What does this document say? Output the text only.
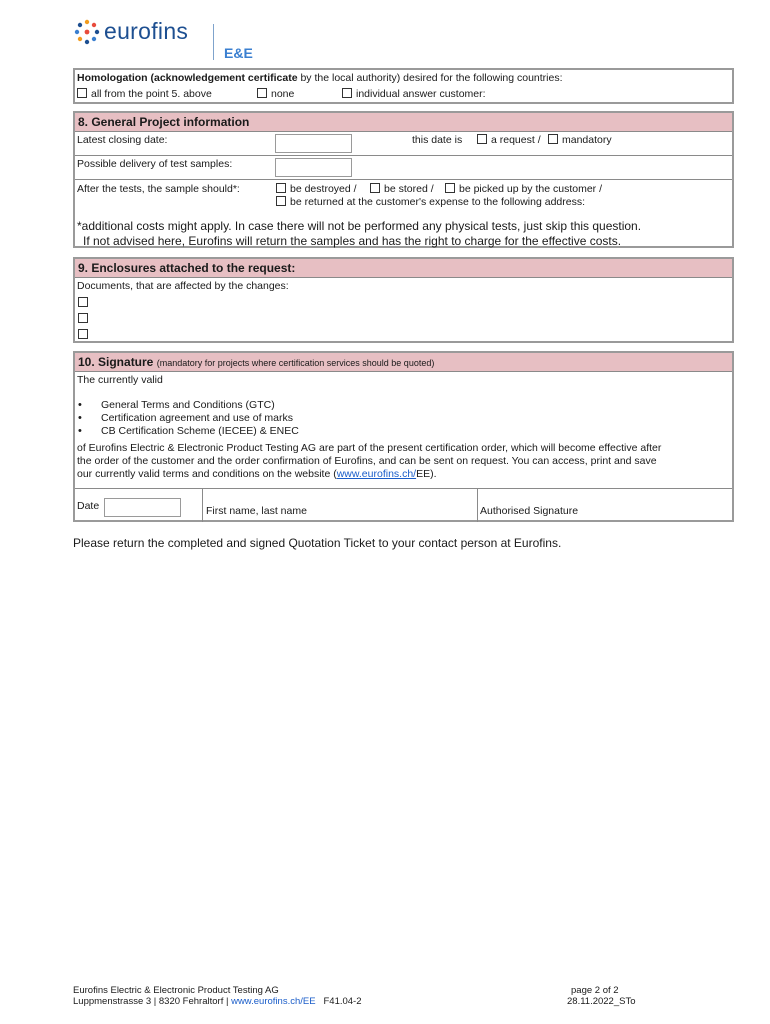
eurofins
E&E
Homologation (acknowledgement certificate by the local authority) desired for the following countries:
all from the point 5. above	none	individual answer customer:
8. General Project information
Latest closing date:	this date is	a request /	mandatory
Possible delivery of test samples:
After the tests, the sample should*:	be destroyed /	be stored /	be picked up by the customer /
be returned at the customer's expense to the following address:
*additional costs might apply. In case there will not be performed any physical tests, just skip this question.
If not advised here, Eurofins will return the samples and has the right to charge for the effective costs.
9. Enclosures attached to the request:
Documents, that are affected by the changes:
10. Signature (mandatory for projects where certification services should be quoted)
The currently valid
• General Terms and Conditions (GTC)
• Certification agreement and use of marks
• CB Certification Scheme (IECEE) & ENEC
of Eurofins Electric & Electronic Product Testing AG are part of the present certification order, which will become effective after
the order of the customer and the order confirmation of Eurofins, and can be sent on request. You can access, print and save
our currently valid terms and conditions on the website (www.eurofins.ch/EE).
Date	First name, last name	Authorised Signature
Please return the completed and signed Quotation Ticket to your contact person at Eurofins.
Eurofins Electric & Electronic Product Testing AG
Luppmenstrasse 3 | 8320 Fehraltorf | www.eurofins.ch/EE F41.04-2
page 2 of 2
28.11.2022_STo
